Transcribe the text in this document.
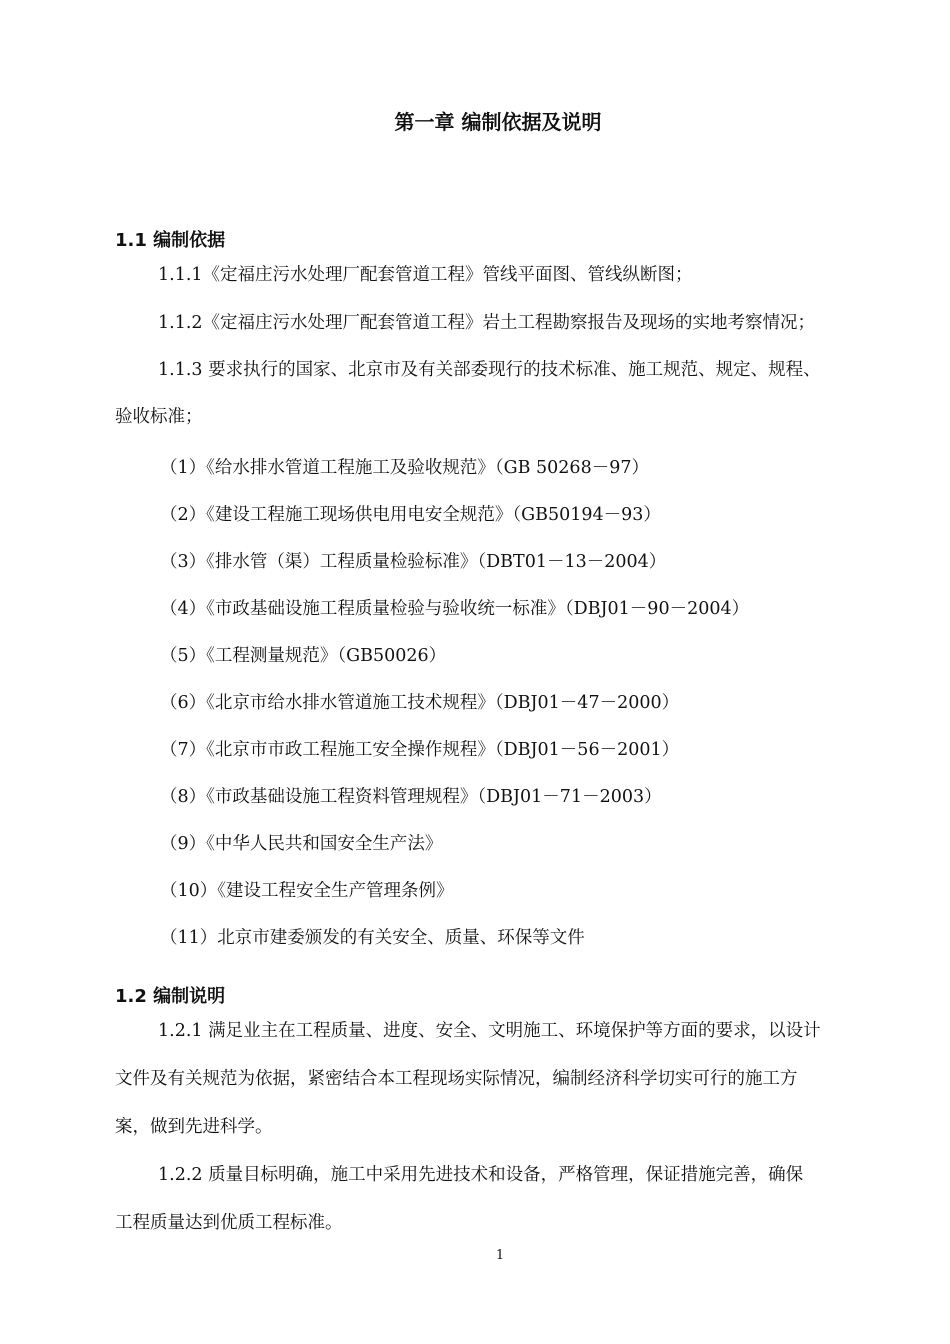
第一章 编制依据及说明
1.1 编制依据
1.1.1《定福庄污水处理厂配套管道工程》管线平面图、管线纵断图；
1.1.2《定福庄污水处理厂配套管道工程》岩土工程勘察报告及现场的实地考察情况；
1.1.3 要求执行的国家、北京市及有关部委现行的技术标准、施工规范、规定、规程、
验收标准；
（1）《给水排水管道工程施工及验收规范》（GB 50268－97）
（2）《建设工程施工现场供电用电安全规范》（GB50194－93）
（3）《排水管（渠）工程质量检验标准》（DBT01－13－2004）
（4）《市政基础设施工程质量检验与验收统一标准》（DBJ01－90－2004）
（5）《工程测量规范》（GB50026）
（6）《北京市给水排水管道施工技术规程》（DBJ01－47－2000）
（7）《北京市市政工程施工安全操作规程》（DBJ01－56－2001）
（8）《市政基础设施工程资料管理规程》（DBJ01－71－2003）
（9）《中华人民共和国安全生产法》
（10）《建设工程安全生产管理条例》
（11）北京市建委颁发的有关安全、质量、环保等文件
1.2 编制说明
1.2.1 满足业主在工程质量、进度、安全、文明施工、环境保护等方面的要求，以设计
文件及有关规范为依据，紧密结合本工程现场实际情况，编制经济科学切实可行的施工方
案，做到先进科学。
1.2.2 质量目标明确，施工中采用先进技术和设备，严格管理，保证措施完善，确保
工程质量达到优质工程标准。
1
